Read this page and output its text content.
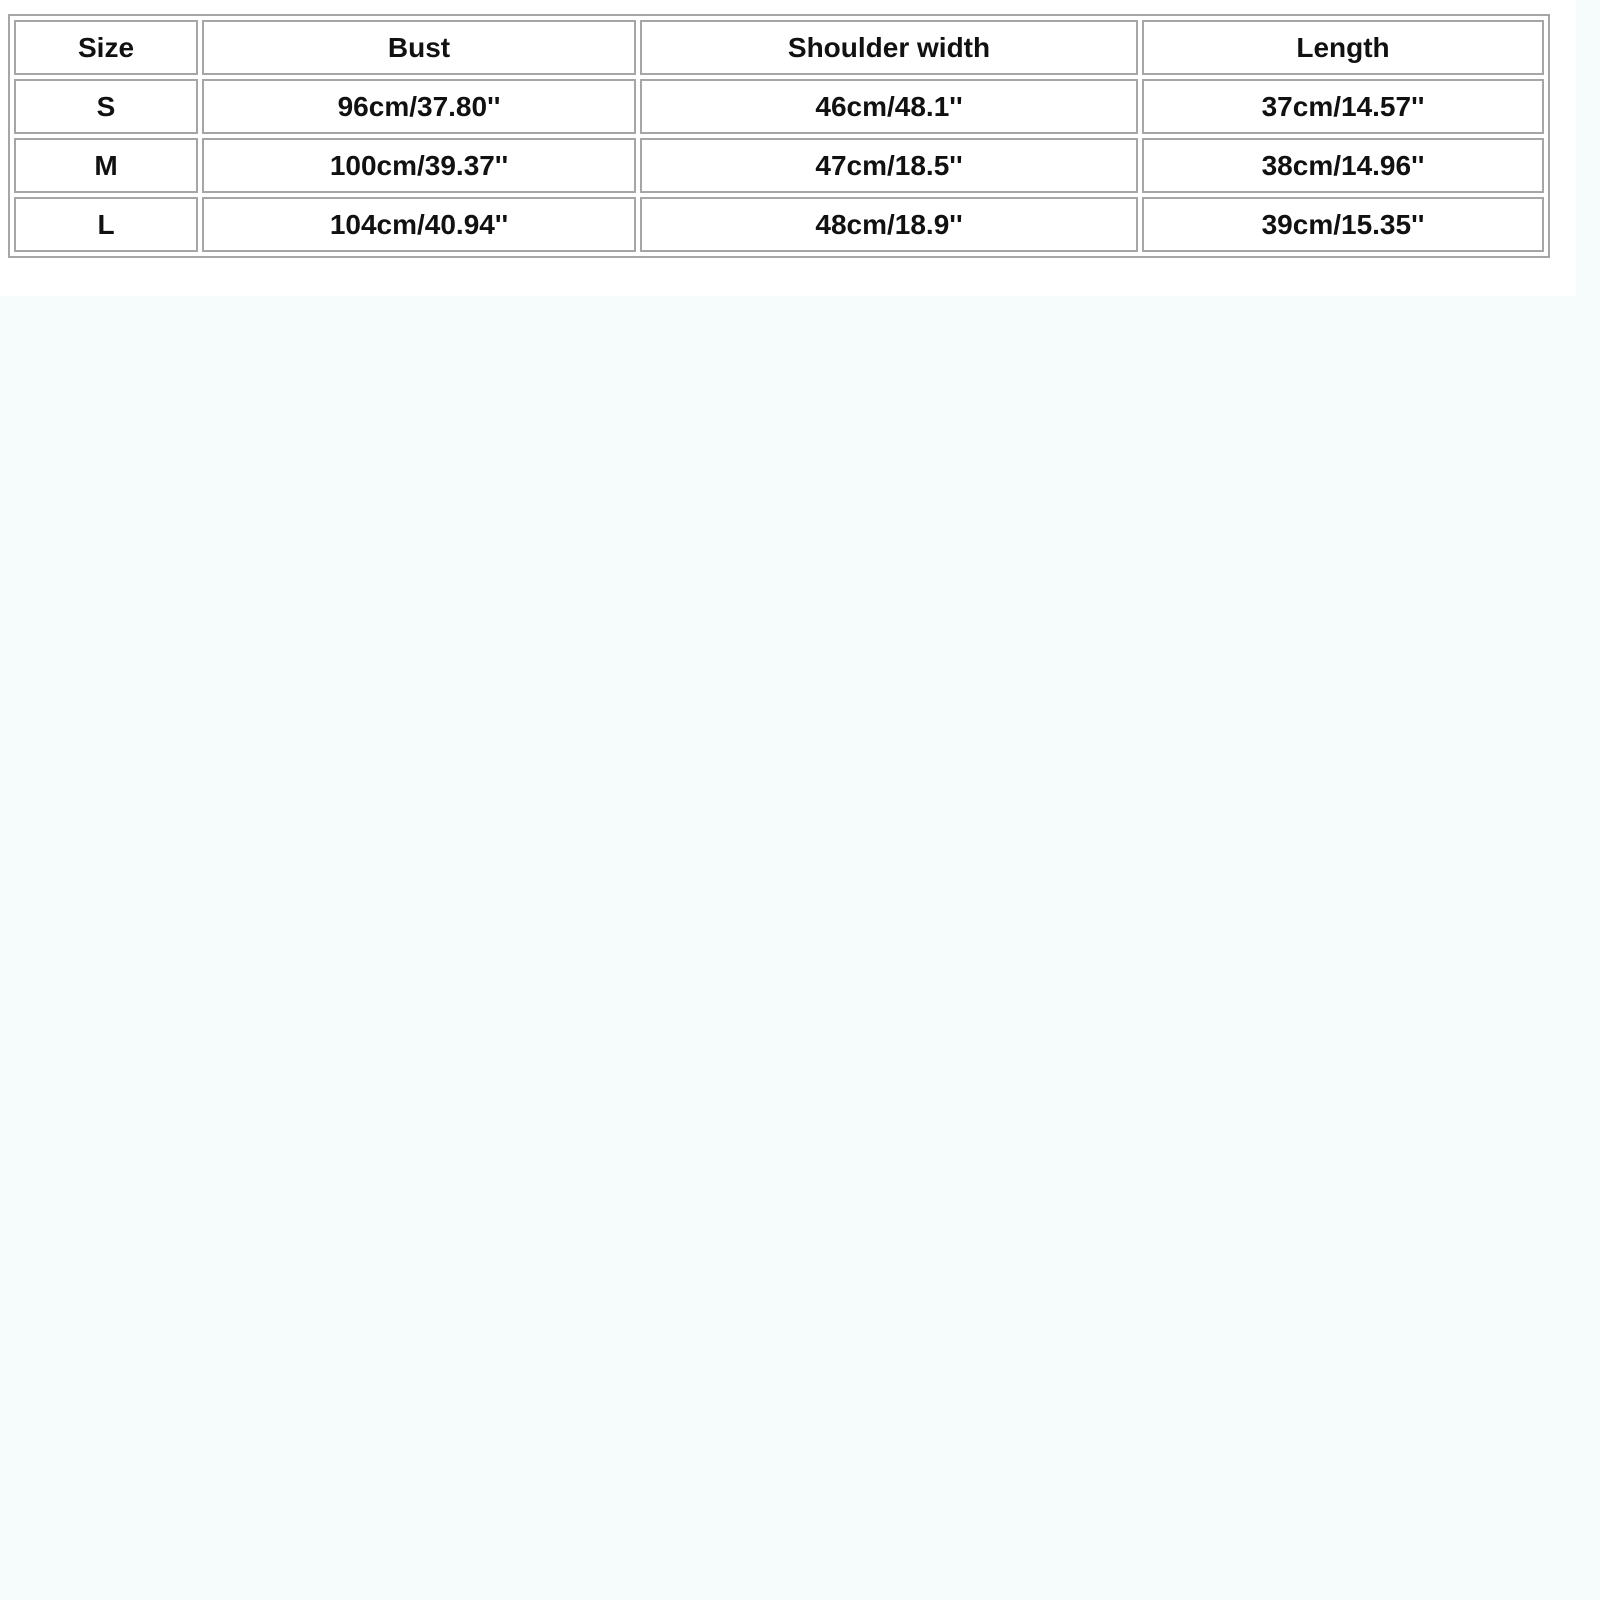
Size	Bust	Shoulder width	Length
S	96cm/37.80''	46cm/48.1''	37cm/14.57''
M	100cm/39.37''	47cm/18.5''	38cm/14.96''
L	104cm/40.94''	48cm/18.9''	39cm/15.35''
